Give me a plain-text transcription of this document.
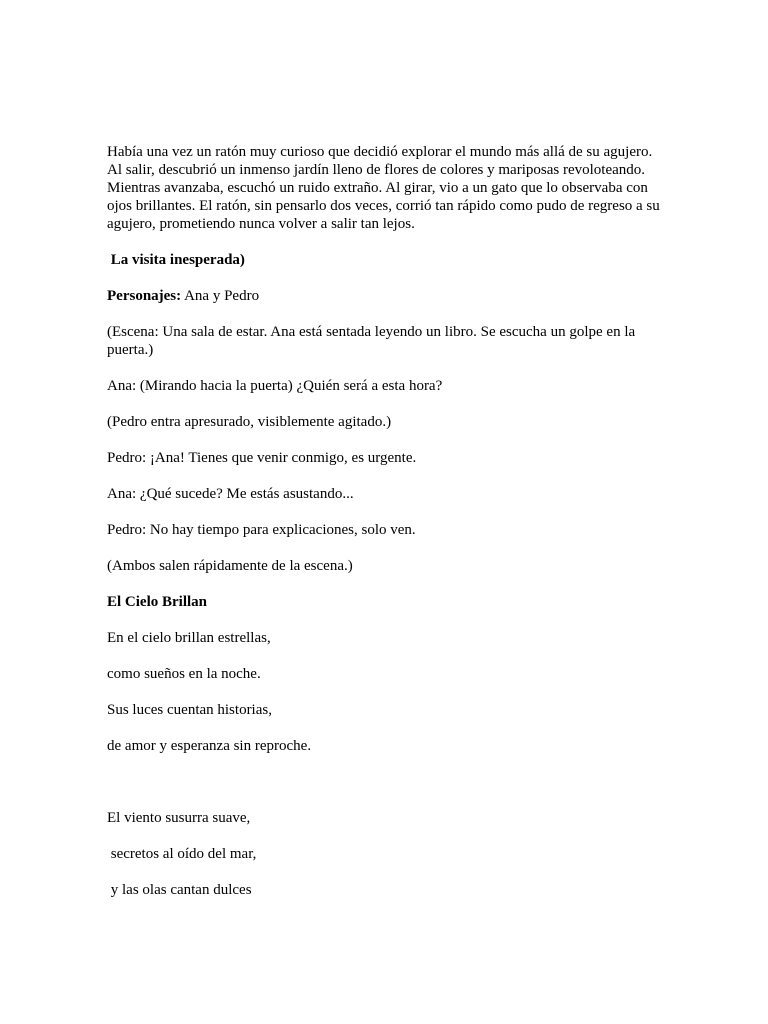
Había una vez un ratón muy curioso que decidió explorar el mundo más allá de su agujero. Al salir, descubrió un inmenso jardín lleno de flores de colores y mariposas revoloteando. Mientras avanzaba, escuchó un ruido extraño. Al girar, vio a un gato que lo observaba con ojos brillantes. El ratón, sin pensarlo dos veces, corrió tan rápido como pudo de regreso a su agujero, prometiendo nunca volver a salir tan lejos.

La visita inesperada)

Personajes: Ana y Pedro

(Escena: Una sala de estar. Ana está sentada leyendo un libro. Se escucha un golpe en la puerta.)

Ana: (Mirando hacia la puerta) ¿Quién será a esta hora?

(Pedro entra apresurado, visiblemente agitado.)

Pedro: ¡Ana! Tienes que venir conmigo, es urgente.

Ana: ¿Qué sucede? Me estás asustando...

Pedro: No hay tiempo para explicaciones, solo ven.

(Ambos salen rápidamente de la escena.)

El Cielo Brillan

En el cielo brillan estrellas,

como sueños en la noche.

Sus luces cuentan historias,

de amor y esperanza sin reproche.

El viento susurra suave,

secretos al oído del mar,

y las olas cantan dulces
